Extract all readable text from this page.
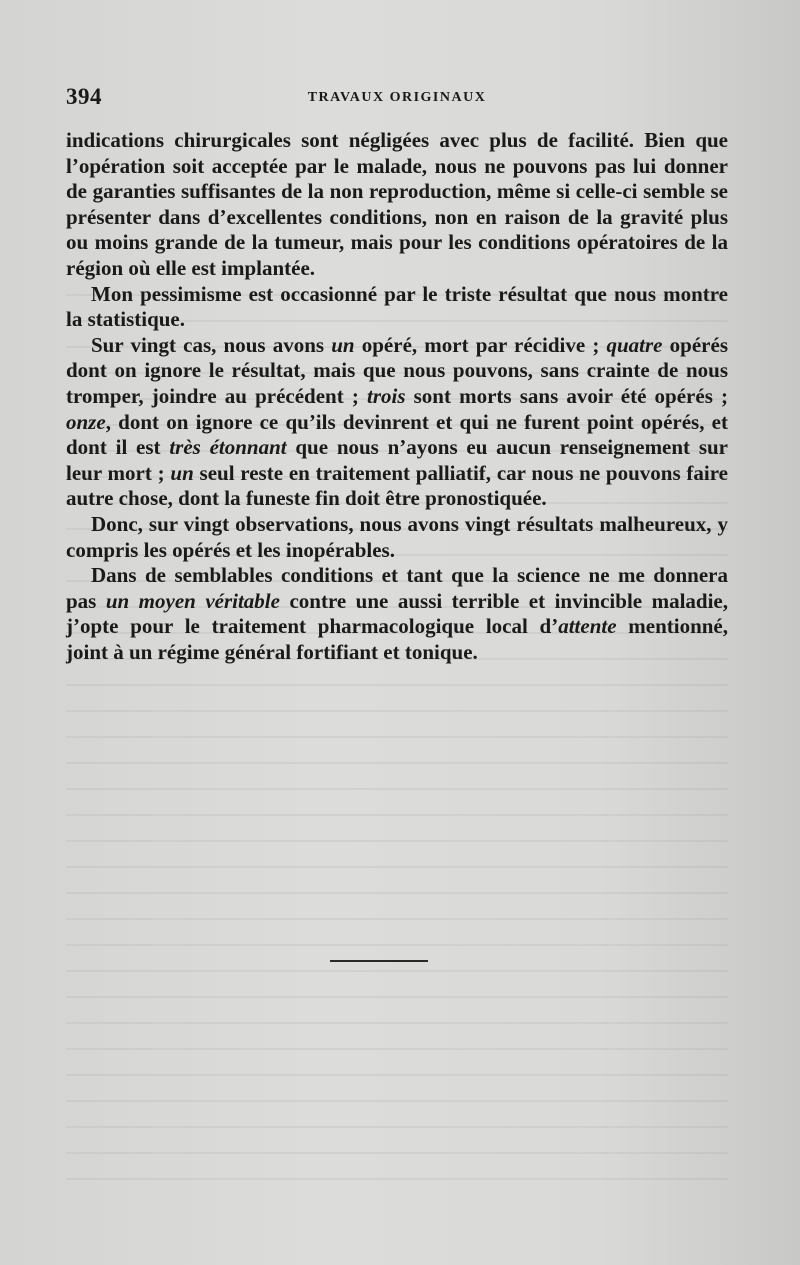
394	TRAVAUX ORIGINAUX

indications chirurgicales sont négligées avec plus de facilité. Bien que l’opération soit acceptée par le malade, nous ne pouvons pas lui donner de garanties suffisantes de la non reproduction, même si celle-ci semble se présenter dans d’excellentes conditions, non en raison de la gravité plus ou moins grande de la tumeur, mais pour les conditions opératoires de la région où elle est implantée.

Mon pessimisme est occasionné par le triste résultat que nous montre la statistique.

Sur vingt cas, nous avons un opéré, mort par récidive ; quatre opérés dont on ignore le résultat, mais que nous pouvons, sans crainte de nous tromper, joindre au précédent ; trois sont morts sans avoir été opérés ; onze, dont on ignore ce qu’ils devinrent et qui ne furent point opérés, et dont il est très étonnant que nous n’ayons eu aucun renseignement sur leur mort ; un seul reste en traitement palliatif, car nous ne pouvons faire autre chose, dont la funeste fin doit être pronostiquée.

Donc, sur vingt observations, nous avons vingt résultats malheureux, y compris les opérés et les inopérables.

Dans de semblables conditions et tant que la science ne me donnera pas un moyen véritable contre une aussi terrible et invincible maladie, j’opte pour le traitement pharmacologique local d’attente mentionné, joint à un régime général fortifiant et tonique.
